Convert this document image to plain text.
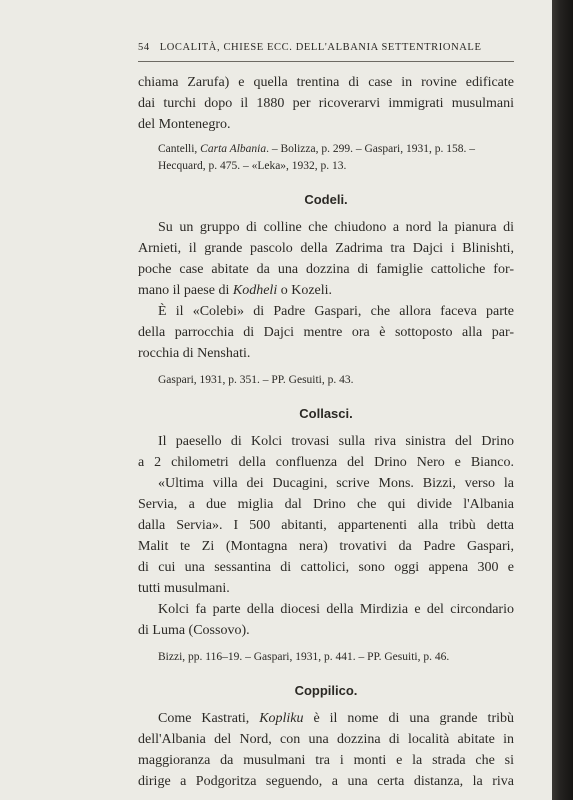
54 LOCALITÀ, CHIESE ECC. DELL'ALBANIA SETTENTRIONALE

chiama Zarufa) e quella trentina di case in rovine edificate
dai turchi dopo il 1880 per ricoverarvi immigrati musulmani
del Montenegro.

Cantelli, Carta Albania. – Bolizza, p. 299. – Gaspari, 1931, p. 158. –
Hecquard, p. 475. – «Leka», 1932, p. 13.
Codeli.

Su un gruppo di colline che chiudono a nord la pianura di
Arnieti, il grande pascolo della Zadrima tra Dajci i Blinishti,
poche case abitate da una dozzina di famiglie cattoliche for-
mano il paese di Kodheli o Kozeli.
È il «Colebi» di Padre Gaspari, che allora faceva parte
della parrocchia di Dajci mentre ora è sottoposto alla par-
rocchia di Nenshati.

Gaspari, 1931, p. 351. – PP. Gesuiti, p. 43.
Collasci.

Il paesello di Kolci trovasi sulla riva sinistra del Drino
a 2 chilometri della confluenza del Drino Nero e Bianco.
«Ultima villa dei Ducagini, scrive Mons. Bizzi, verso la
Servia, a due miglia dal Drino che qui divide l'Albania
dalla Servia». I 500 abitanti, appartenenti alla tribù detta
Malit te Zi (Montagna nera) trovativi da Padre Gaspari,
di cui una sessantina di cattolici, sono oggi appena 300 e
tutti musulmani.
Kolci fa parte della diocesi della Mirdizia e del circondario
di Luma (Cossovo).

Bizzi, pp. 116–19. – Gaspari, 1931, p. 441. – PP. Gesuiti, p. 46.
Coppilico.

Come Kastrati, Kopliku è il nome di una grande tribù
dell'Albania del Nord, con una dozzina di località abitate in
maggioranza da musulmani tra i monti e la strada che si
dirige a Podgoritza seguendo, a una certa distanza, la riva
